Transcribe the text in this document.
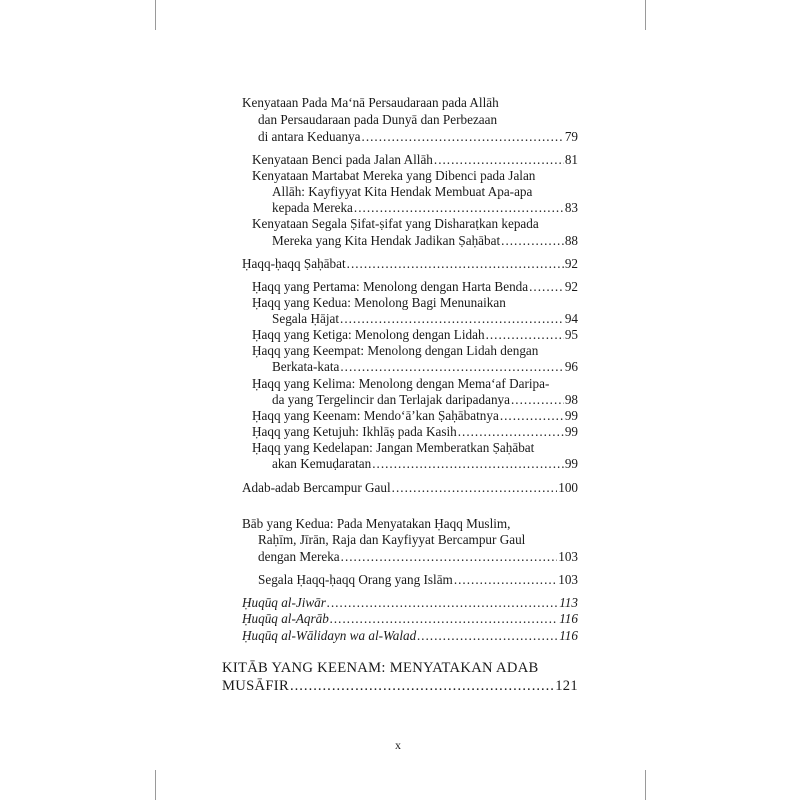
Kenyataan Pada Ma‘nā Persaudaraan pada Allāh
dan Persaudaraan pada Dunyā dan Perbezaan
di antara Keduanya .....	79
Kenyataan Benci pada Jalan Allāh .....	81
Kenyataan Martabat Mereka yang Dibenci pada Jalan
Allāh: Kayfiyyat Kita Hendak Membuat Apa-apa
kepada Mereka .....	83
Kenyataan Segala Ṣifat-ṣifat yang Disharaṭkan kepada
Mereka yang Kita Hendak Jadikan Ṣaḥābat .....	88
Ḥaqq-ḥaqq Ṣaḥābat .....	92
Ḥaqq yang Pertama: Menolong dengan Harta Benda .....	92
Ḥaqq yang Kedua: Menolong Bagi Menunaikan
Segala Ḥājat .....	94
Ḥaqq yang Ketiga: Menolong dengan Lidah .....	95
Ḥaqq yang Keempat: Menolong dengan Lidah dengan
Berkata-kata .....	96
Ḥaqq yang Kelima: Menolong dengan Mema‘af Daripa-
da yang Tergelincir dan Terlajak daripadanya .....	98
Ḥaqq yang Keenam: Mendo‘ā’kan Ṣaḥābatnya .....	99
Ḥaqq yang Ketujuh: Ikhlāṣ pada Kasih .....	99
Ḥaqq yang Kedelapan: Jangan Memberatkan Ṣaḥābat
akan Kemuḍaratan .....	99
Adab-adab Bercampur Gaul .....	100
Bāb yang Kedua: Pada Menyatakan Ḥaqq Muslim,
Raḥīm, Jīrān, Raja dan Kayfiyyat Bercampur Gaul
dengan Mereka .....	103
Segala Ḥaqq-ḥaqq Orang yang Islām .....	103
Ḥuqūq al-Jiwār .....	113
Ḥuqūq al-Aqrāb .....	116
Ḥuqūq al-Wālidayn wa al-Walad .....	116
KITĀB YANG KEENAM: MENYATAKAN ADAB
MUSĀFIR .....	121
x
